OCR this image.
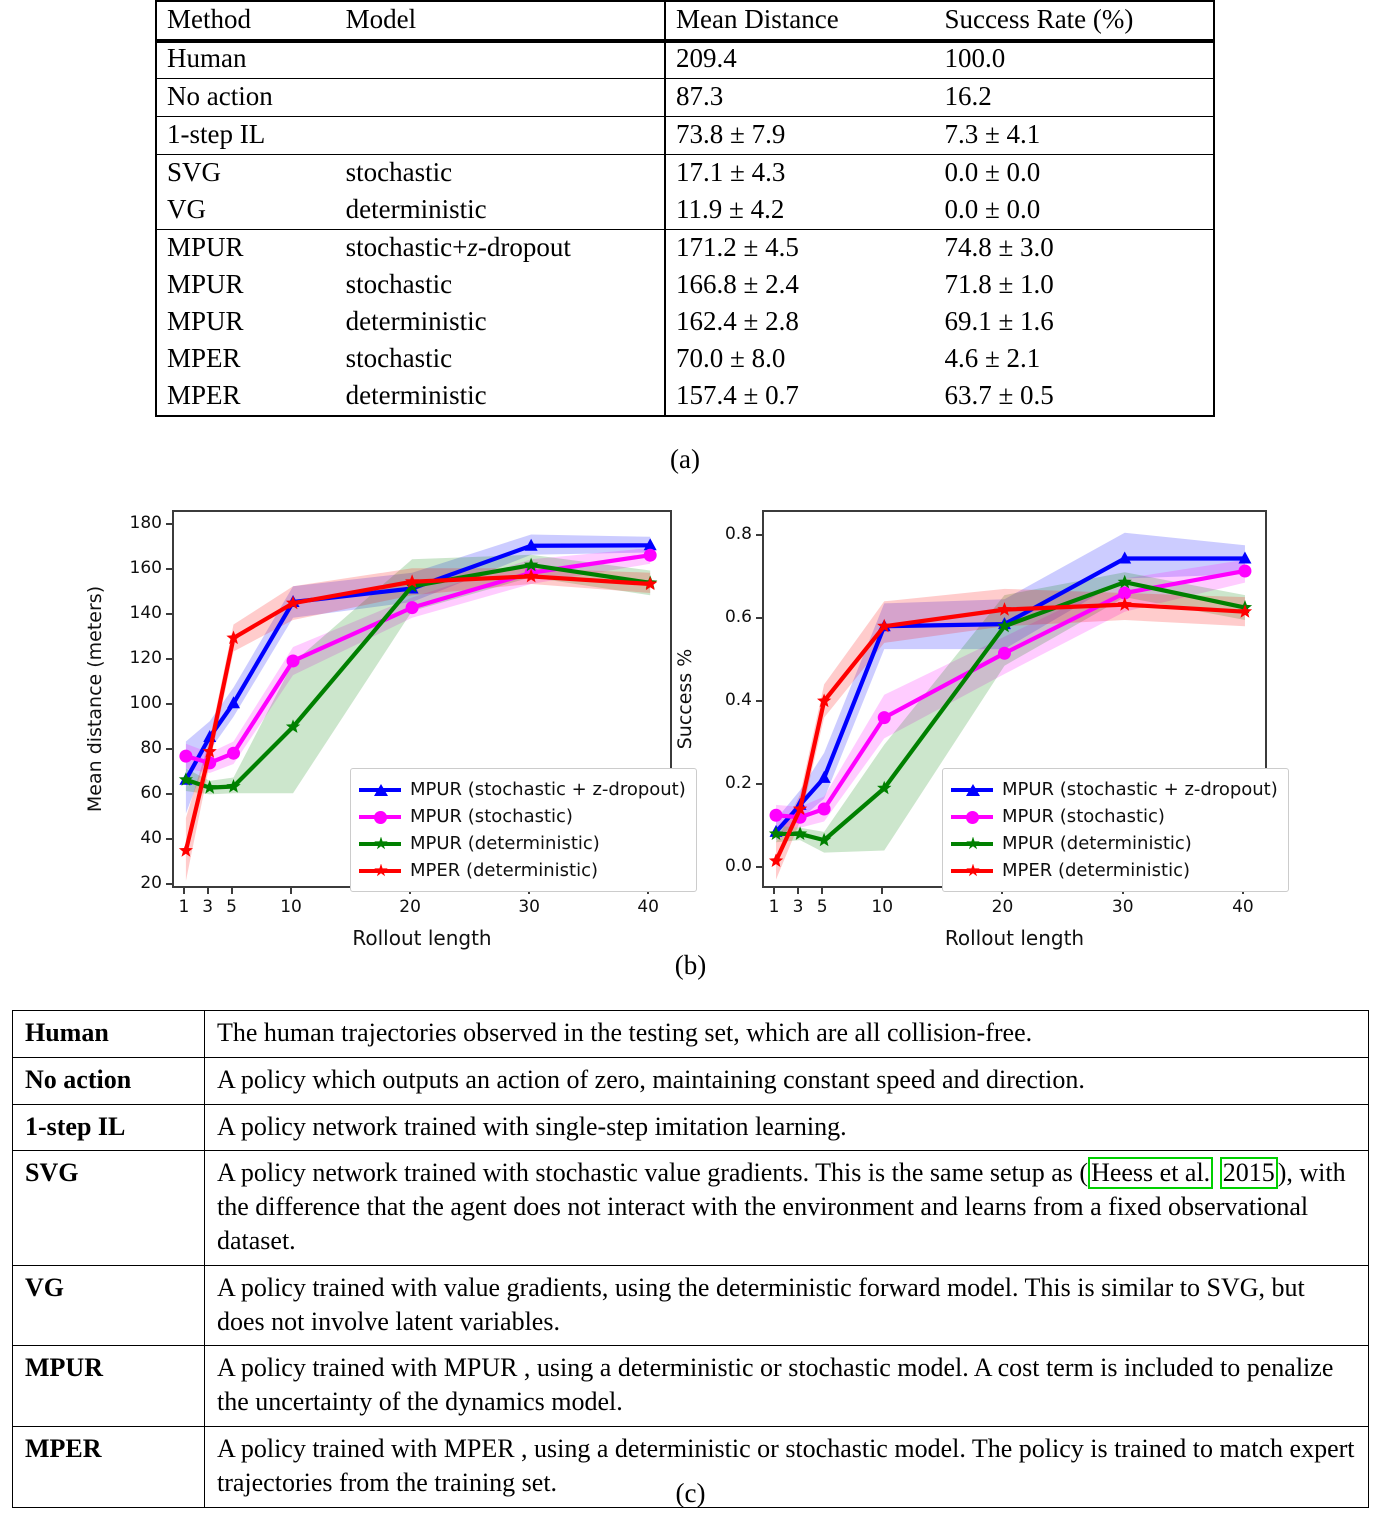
Method	Model	Mean Distance	Success Rate (%)
Human		209.4	100.0
No action		87.3	16.2
1-step IL		73.8 ± 7.9	7.3 ± 4.1
SVG	stochastic	17.1 ± 4.3	0.0 ± 0.0
VG	deterministic	11.9 ± 4.2	0.0 ± 0.0
MPUR	stochastic+z-dropout	171.2 ± 4.5	74.8 ± 3.0
MPUR	stochastic	166.8 ± 2.4	71.8 ± 1.0
MPUR	deterministic	162.4 ± 2.8	69.1 ± 1.6
MPER	stochastic	70.0 ± 8.0	4.6 ± 2.1
MPER	deterministic	157.4 ± 0.7	63.7 ± 0.5
(a)
20
40
60
80
100
120
140
160
180
1 3 5	10	20	30	40
Mean distance (meters)
Rollout length
MPUR (stochastic + z-dropout)
MPUR (stochastic)
MPUR (deterministic)
MPER (deterministic)	0.0
0.2
0.4
0.6
0.8
1 3 5	10	20	30	40
Success %
Rollout length
MPUR (stochastic + z-dropout)
MPUR (stochastic)
MPUR (deterministic)
MPER (deterministic)
(b)
Human	The human trajectories observed in the testing set, which are all collision-free.
No action	A policy which outputs an action of zero, maintaining constant speed and direction.
1-step IL	A policy network trained with single-step imitation learning.
SVG	A policy network trained with stochastic value gradients. This is the same setup as ( Heess et al. 2015 ), with the difference that the agent does not interact with the environment and learns from a fixed observational dataset.
VG	A policy trained with value gradients, using the deterministic forward model. This is similar to SVG, but does not involve latent variables.
MPUR	A policy trained with MPUR , using a deterministic or stochastic model. A cost term is included to penalize the uncertainty of the dynamics model.
MPER	A policy trained with MPER , using a deterministic or stochastic model. The policy is trained to match expert trajectories from the training set.	(c)
